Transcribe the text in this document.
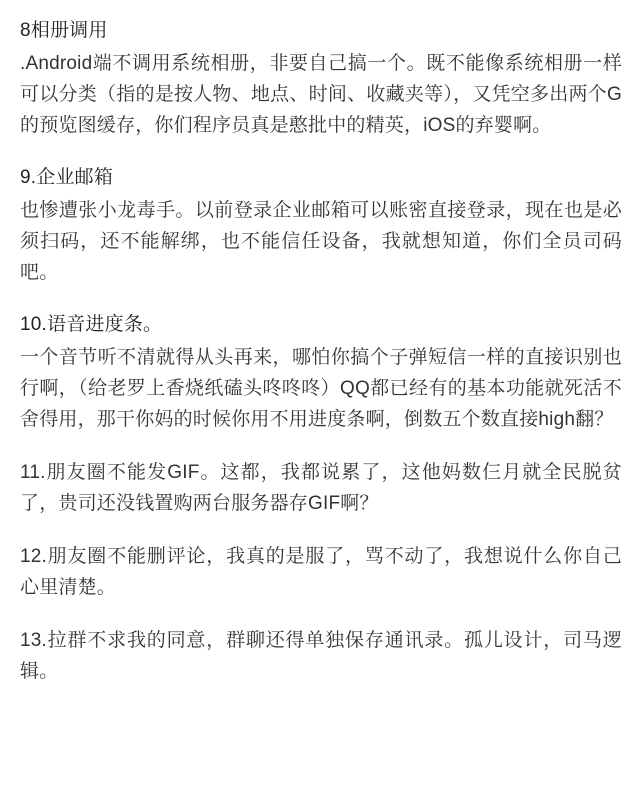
8相册调用
.Android端不调用系统相册，非要自己搞一个。既不能像系统相册一样可以分类（指的是按人物、地点、时间、收藏夹等），又凭空多出两个G的预览图缓存，你们程序员真是憨批中的精英，iOS的弃婴啊。
9.企业邮箱
也惨遭张小龙毒手。以前登录企业邮箱可以账密直接登录，现在也是必须扫码，还不能解绑，也不能信任设备，我就想知道，你们全员司码吧。
10.语音进度条。
一个音节听不清就得从头再来，哪怕你搞个子弹短信一样的直接识别也行啊，（给老罗上香烧纸磕头咚咚咚）QQ都已经有的基本功能就死活不舍得用，那干你妈的时候你用不用进度条啊，倒数五个数直接high翻？
11.朋友圈不能发GIF。这都，我都说累了，这他妈数仨月就全民脱贫了，贵司还没钱置购两台服务器存GIF啊？
12.朋友圈不能删评论，我真的是服了，骂不动了，我想说什么你自己心里清楚。
13.拉群不求我的同意，群聊还得单独保存通讯录。孤儿设计，司马逻辑。
